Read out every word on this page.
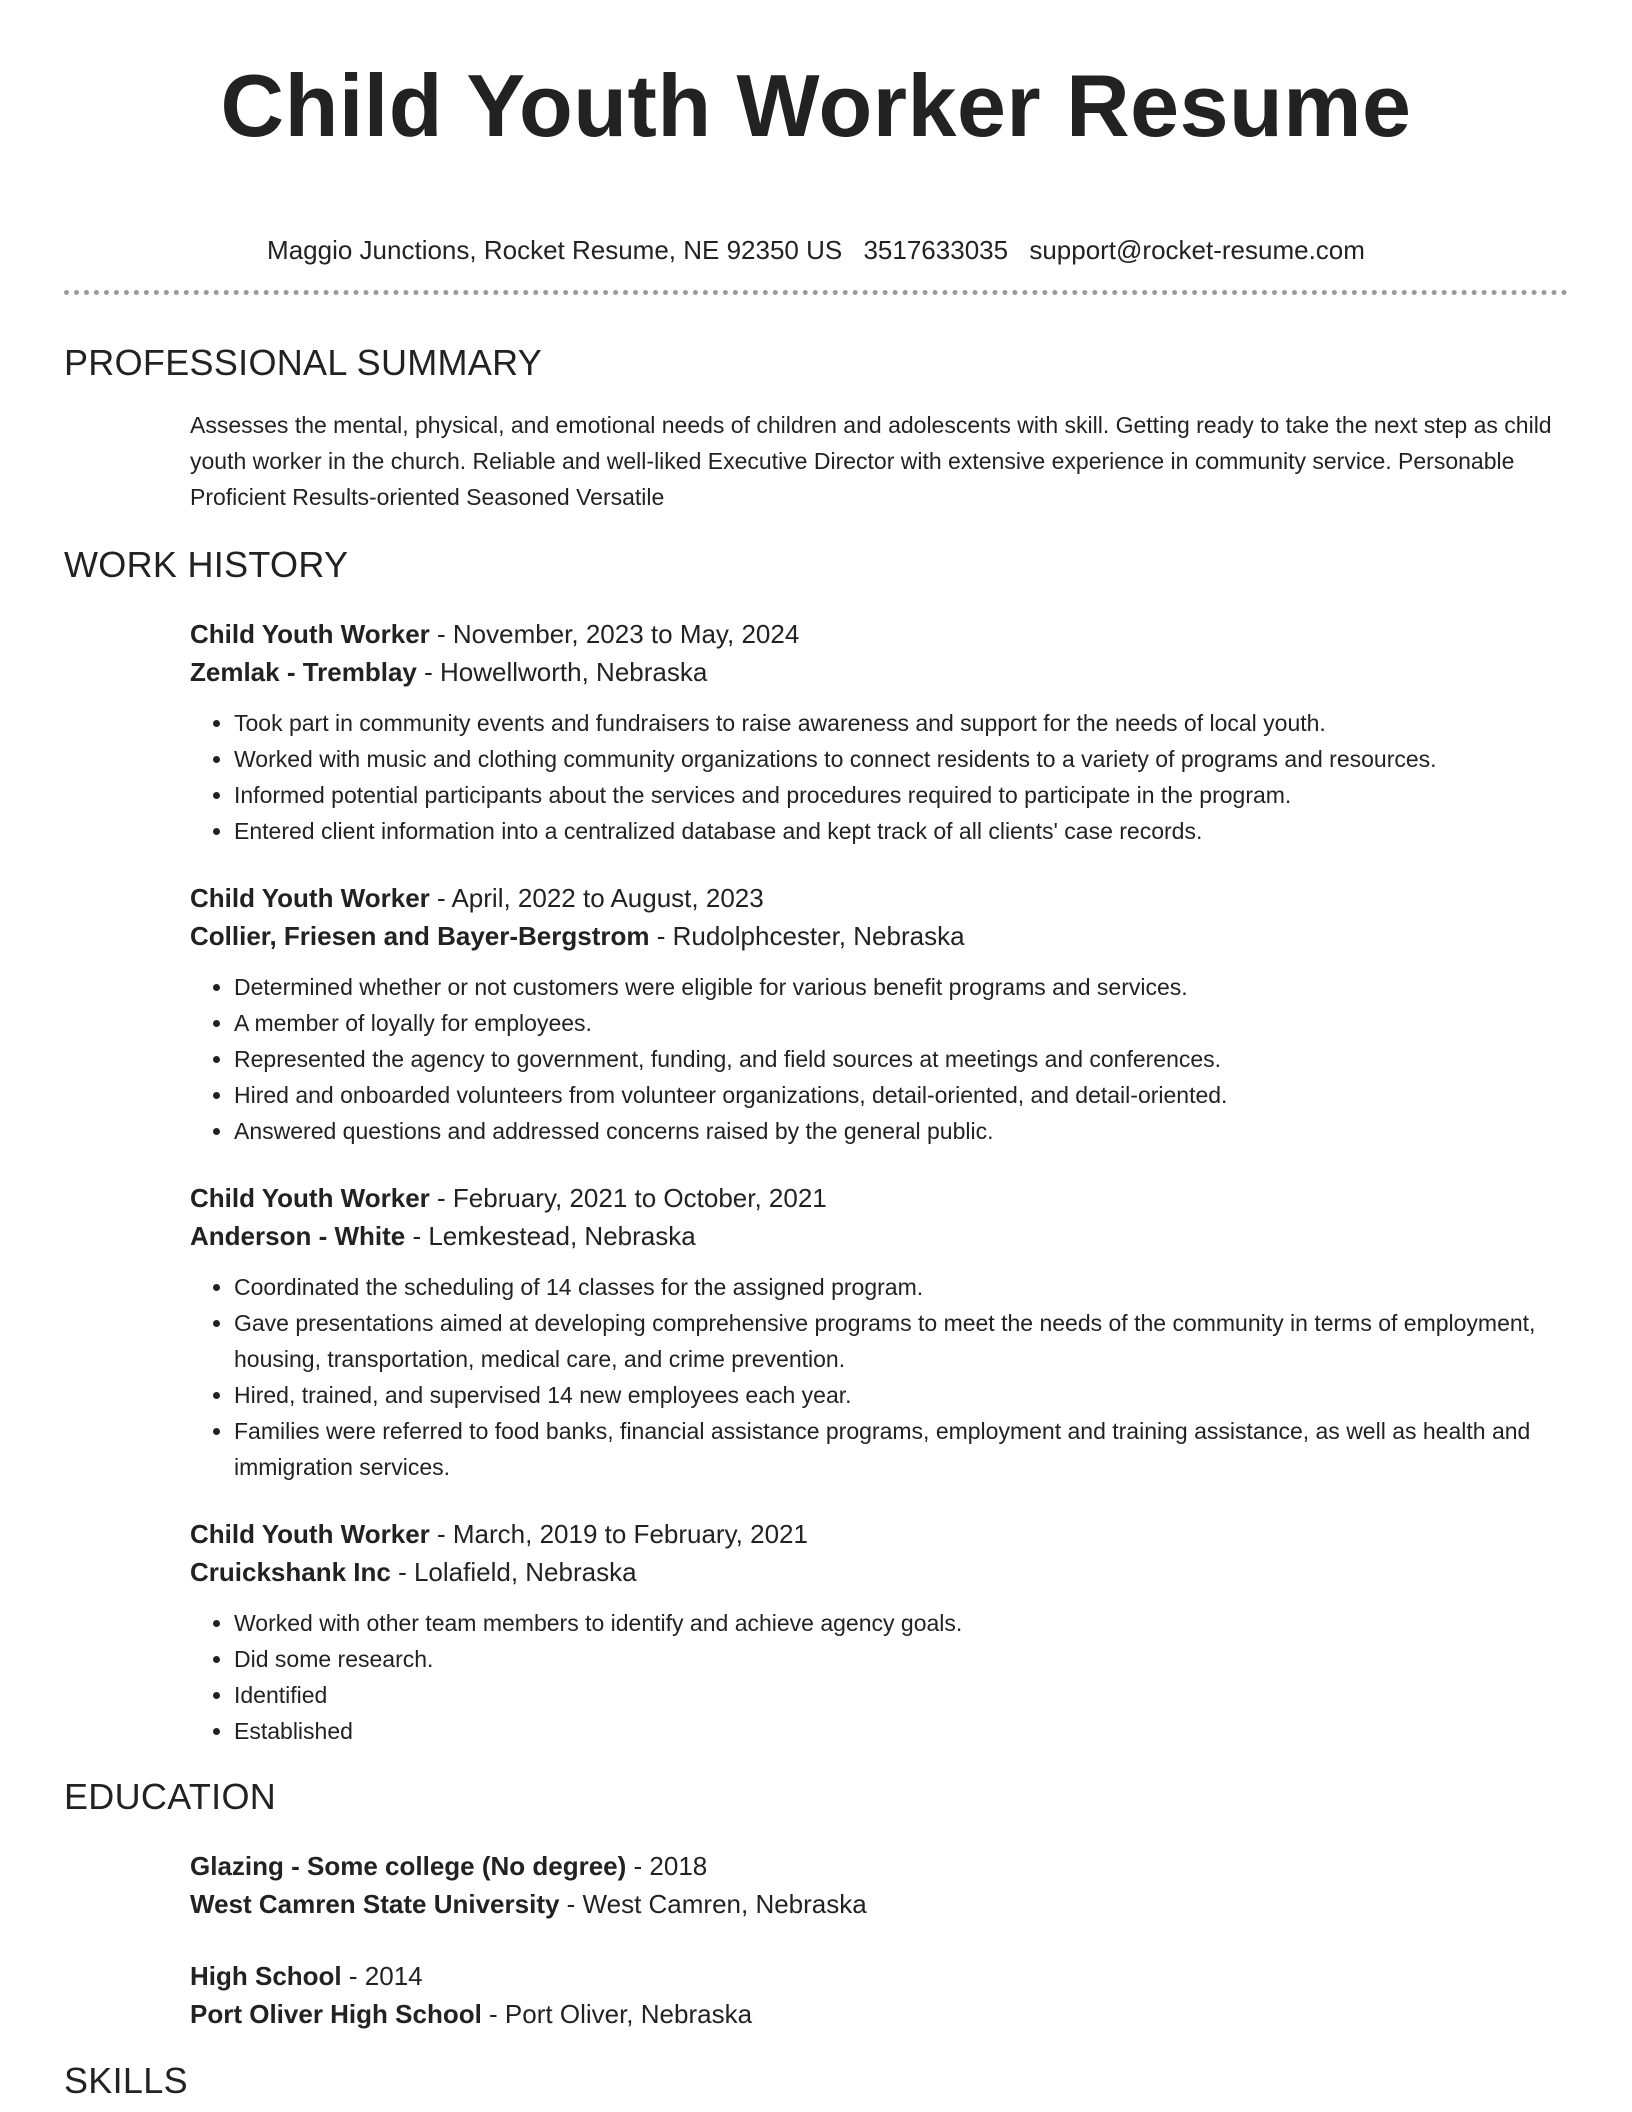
Child Youth Worker Resume
Maggio Junctions, Rocket Resume, NE 92350 US 3517633035 support@rocket-resume.com
PROFESSIONAL SUMMARY
Assesses the mental, physical, and emotional needs of children and adolescents with skill. Getting ready to take the next step as child youth worker in the church. Reliable and well-liked Executive Director with extensive experience in community service. Personable Proficient Results-oriented Seasoned Versatile
WORK HISTORY
Child Youth Worker - November, 2023 to May, 2024
Zemlak - Tremblay - Howellworth, Nebraska
• Took part in community events and fundraisers to raise awareness and support for the needs of local youth.
• Worked with music and clothing community organizations to connect residents to a variety of programs and resources.
• Informed potential participants about the services and procedures required to participate in the program.
• Entered client information into a centralized database and kept track of all clients' case records.
Child Youth Worker - April, 2022 to August, 2023
Collier, Friesen and Bayer-Bergstrom - Rudolphcester, Nebraska
• Determined whether or not customers were eligible for various benefit programs and services.
• A member of loyally for employees.
• Represented the agency to government, funding, and field sources at meetings and conferences.
• Hired and onboarded volunteers from volunteer organizations, detail-oriented, and detail-oriented.
• Answered questions and addressed concerns raised by the general public.
Child Youth Worker - February, 2021 to October, 2021
Anderson - White - Lemkestead, Nebraska
• Coordinated the scheduling of 14 classes for the assigned program.
• Gave presentations aimed at developing comprehensive programs to meet the needs of the community in terms of employment, housing, transportation, medical care, and crime prevention.
• Hired, trained, and supervised 14 new employees each year.
• Families were referred to food banks, financial assistance programs, employment and training assistance, as well as health and immigration services.
Child Youth Worker - March, 2019 to February, 2021
Cruickshank Inc - Lolafield, Nebraska
• Worked with other team members to identify and achieve agency goals.
• Did some research.
• Identified
• Established
EDUCATION
Glazing - Some college (No degree) - 2018
West Camren State University - West Camren, Nebraska
High School - 2014
Port Oliver High School - Port Oliver, Nebraska
SKILLS
